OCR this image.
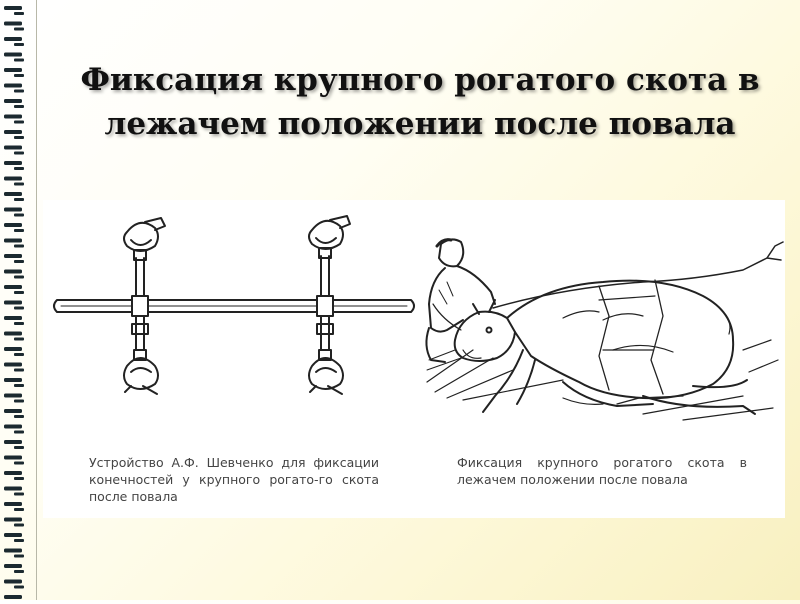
Фиксация крупного рогатого скота в
лежачем положении после повала
Устройство А.Ф. Шевченко для фиксации конечностей у крупного рогато-го скота после повала
Фиксация крупного рогатого скота в лежачем положении после повала
